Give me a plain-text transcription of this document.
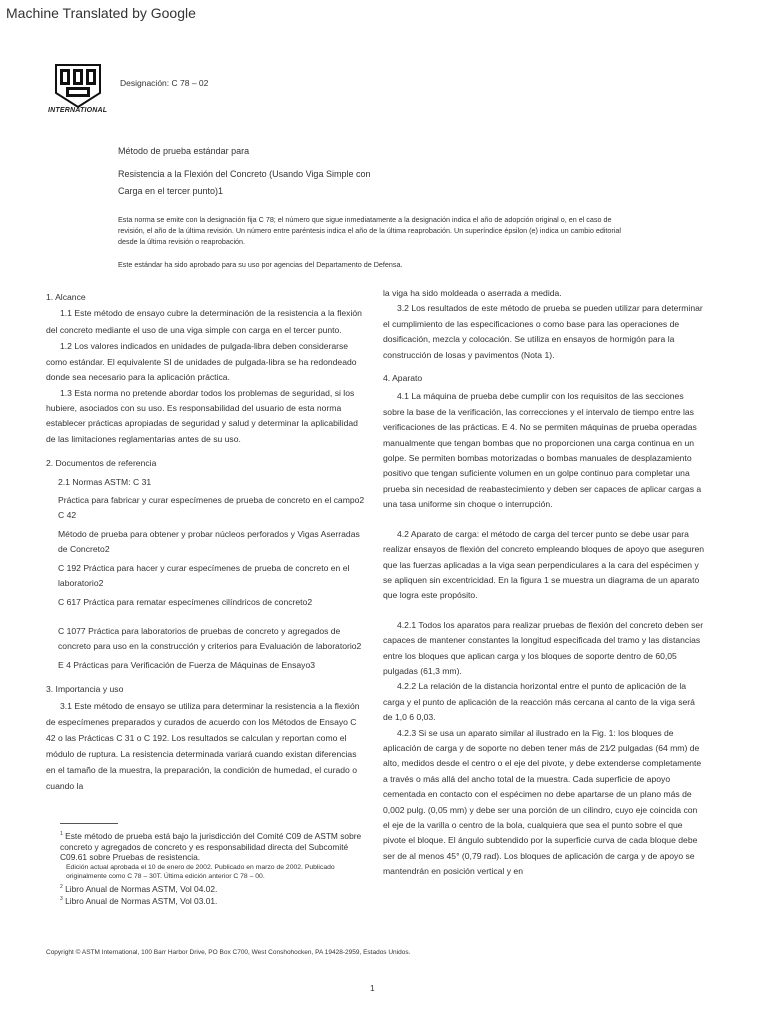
Machine Translated by Google
INTERNATIONAL
Designación: C 78 – 02
Método de prueba estándar para
Resistencia a la Flexión del Concreto (Usando Viga Simple con
Carga en el tercer punto)1
Esta norma se emite con la designación fija C 78; el número que sigue inmediatamente a la designación indica el año de adopción original o, en el caso de revisión, el año de la última revisión. Un número entre paréntesis indica el año de la última reaprobación. Un superíndice épsilon (e) indica un cambio editorial desde la última revisión o reaprobación.
Este estándar ha sido aprobado para su uso por agencias del Departamento de Defensa.

1. Alcance

1.1 Este método de ensayo cubre la determinación de la resistencia a la flexión del concreto mediante el uso de una viga simple con carga en el tercer punto.

1.2 Los valores indicados en unidades de pulgada-libra deben considerarse como estándar. El equivalente SI de unidades de pulgada-libra se ha redondeado donde sea necesario para la aplicación práctica.

1.3 Esta norma no pretende abordar todos los problemas de seguridad, si los hubiere, asociados con su uso. Es responsabilidad del usuario de esta norma establecer prácticas apropiadas de seguridad y salud y determinar la aplicabilidad de las limitaciones reglamentarias antes de su uso.

2. Documentos de referencia

2.1 Normas ASTM: C 31

Práctica para fabricar y curar especímenes de prueba de concreto en el campo2 C 42

Método de prueba para obtener y probar núcleos perforados y Vigas Aserradas de Concreto2

C 192 Práctica para hacer y curar especímenes de prueba de concreto en el laboratorio2

C 617 Práctica para rematar especímenes cilíndricos de concreto2

C 1077 Práctica para laboratorios de pruebas de concreto y agregados de concreto para uso en la construcción y criterios para Evaluación de laboratorio2

E 4 Prácticas para Verificación de Fuerza de Máquinas de Ensayo3

3. Importancia y uso

3.1 Este método de ensayo se utiliza para determinar la resistencia a la flexión de especímenes preparados y curados de acuerdo con los Métodos de Ensayo C 42 o las Prácticas C 31 o C 192. Los resultados se calculan y reportan como el módulo de ruptura. La resistencia determinada variará cuando existan diferencias en el tamaño de la muestra, la preparación, la condición de humedad, el curado o cuando la

la viga ha sido moldeada o aserrada a medida.

3.2 Los resultados de este método de prueba se pueden utilizar para determinar el cumplimiento de las especificaciones o como base para las operaciones de dosificación, mezcla y colocación. Se utiliza en ensayos de hormigón para la construcción de losas y pavimentos (Nota 1).

4. Aparato

4.1 La máquina de prueba debe cumplir con los requisitos de las secciones sobre la base de la verificación, las correcciones y el intervalo de tiempo entre las verificaciones de las prácticas. E 4. No se permiten máquinas de prueba operadas manualmente que tengan bombas que no proporcionen una carga continua en un golpe. Se permiten bombas motorizadas o bombas manuales de desplazamiento positivo que tengan suficiente volumen en un golpe continuo para completar una prueba sin necesidad de reabastecimiento y deben ser capaces de aplicar cargas a una tasa uniforme sin choque o interrupción.

4.2 Aparato de carga: el método de carga del tercer punto se debe usar para realizar ensayos de flexión del concreto empleando bloques de apoyo que aseguren que las fuerzas aplicadas a la viga sean perpendiculares a la cara del espécimen y se apliquen sin excentricidad. En la figura 1 se muestra un diagrama de un aparato que logra este propósito.

4.2.1 Todos los aparatos para realizar pruebas de flexión del concreto deben ser capaces de mantener constantes la longitud especificada del tramo y las distancias entre los bloques que aplican carga y los bloques de soporte dentro de 60,05 pulgadas (61,3 mm).

4.2.2 La relación de la distancia horizontal entre el punto de aplicación de la carga y el punto de aplicación de la reacción más cercana al canto de la viga será de 1,0 6 0,03.

4.2.3 Si se usa un aparato similar al ilustrado en la Fig. 1: los bloques de aplicación de carga y de soporte no deben tener más de 21⁄2 pulgadas (64 mm) de alto, medidos desde el centro o el eje del pivote, y debe extenderse completamente a través o más allá del ancho total de la muestra. Cada superficie de apoyo cementada en contacto con el espécimen no debe apartarse de un plano más de 0,002 pulg. (0,05 mm) y debe ser una porción de un cilindro, cuyo eje coincida con el eje de la varilla o centro de la bola, cualquiera que sea el punto sobre el que pivote el bloque. El ángulo subtendido por la superficie curva de cada bloque debe ser de al menos 45° (0,79 rad). Los bloques de aplicación de carga y de apoyo se mantendrán en posición vertical y en

$^1$ Este método de prueba está bajo la jurisdicción del Comité C09 de ASTM sobre concreto y agregados de concreto y es responsabilidad directa del Subcomité C09.61 sobre Pruebas de resistencia.

Edición actual aprobada el 10 de enero de 2002. Publicado en marzo de 2002. Publicado originalmente como C 78 – 30T. Última edición anterior C 78 – 00.

$^2$ Libro Anual de Normas ASTM, Vol 04.02.

$^3$ Libro Anual de Normas ASTM, Vol 03.01.

Copyright © ASTM International, 100 Barr Harbor Drive, PO Box C700, West Conshohocken, PA 19428-2959, Estados Unidos.
1
